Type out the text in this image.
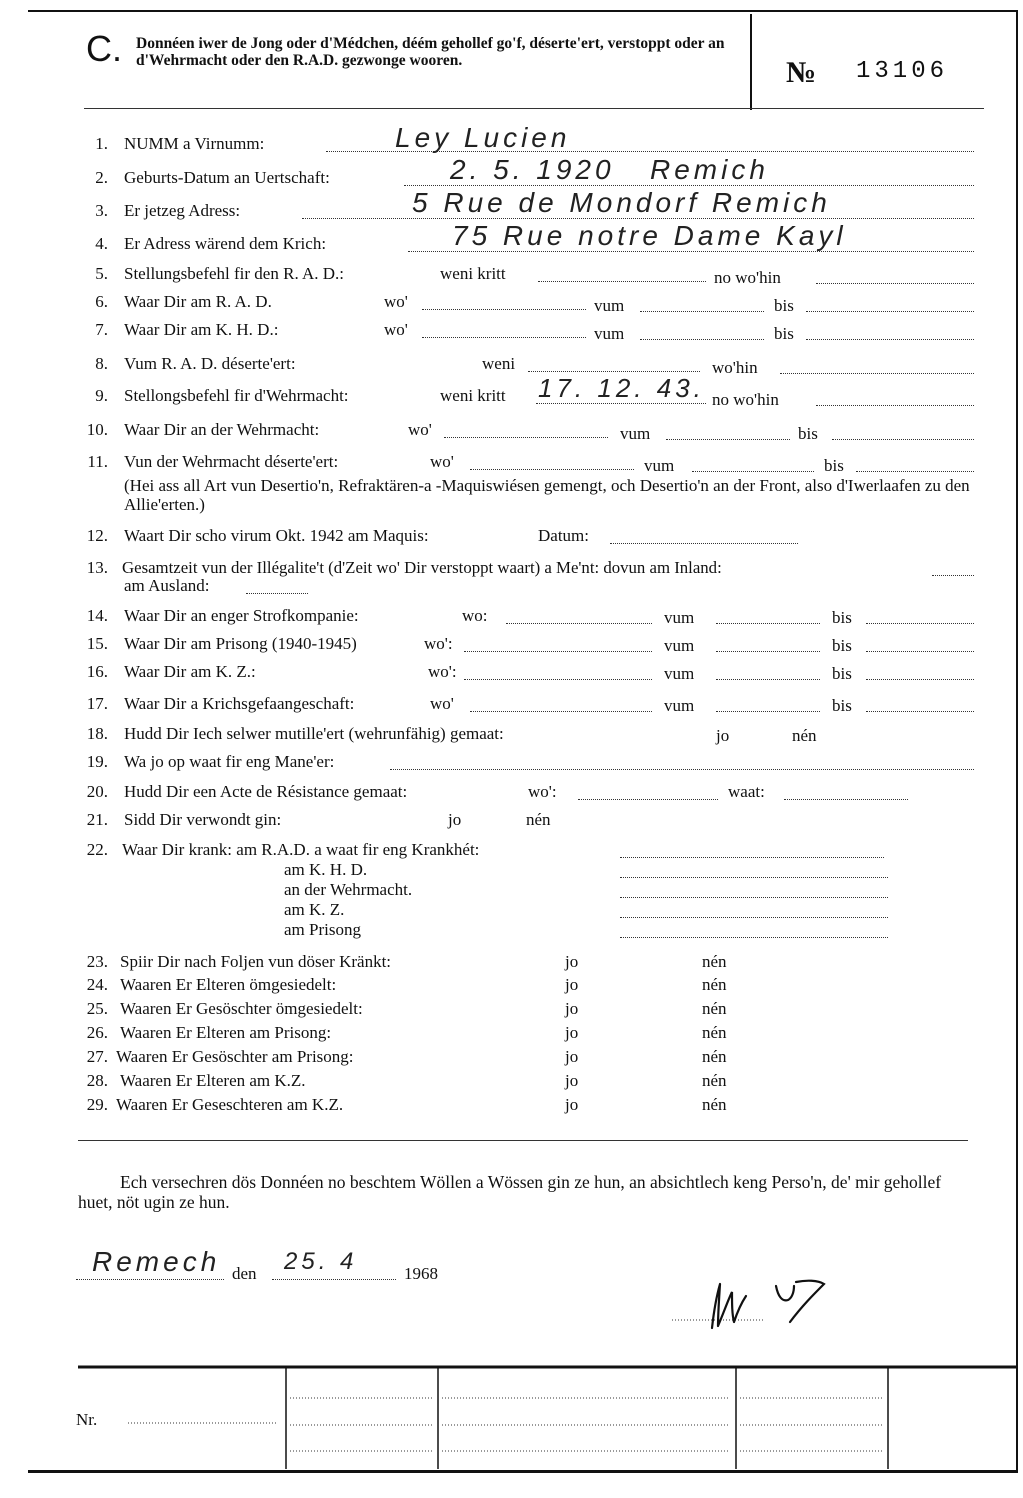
C. Donnéen iwer de Jong oder d'Médchen, déém gehollef go'f, déserte'ert, verstoppt oder an d'Wehrmacht oder den R.A.D. gezwonge wooren.	№ 13106
1. NUMM a Virnumm:	Ley Lucien
2. Geburts-Datum an Uertschaft:	2. 5. 1920 Remich
3. Er jetzeg Adress:	5 Rue de Mondorf Remich
4. Er Adress wärend dem Krich:	75 Rue notre Dame Kayl
5. Stellungsbefehl fir den R. A. D.:	weni kritt	no wo'hin
6. Waar Dir am R. A. D.	wo'	vum	bis
7. Waar Dir am K. H. D.:	wo'	vum	bis
8. Vum R. A. D. déserte'ert:	weni	wo'hin
9. Stellongsbefehl fir d'Wehrmacht:	weni kritt 17. 12. 43. no wo'hin
10. Waar Dir an der Wehrmacht:	wo'	vum	bis
11. Vun der Wehrmacht déserte'ert:	wo'	vum	bis
(Hei ass all Art vun Desertio'n, Refraktären-a -Maquiswiésen gemengt, och Desertio'n an der Front, also d'Iwerlaafen zu den Allie'erten.)
12. Waart Dir scho virum Okt. 1942 am Maquis:	Datum:
13. Gesamtzeit vun der Illégalite't (d'Zeit wo' Dir verstoppt waart) a Me'nt: dovun am Inland:
am Ausland:
14. Waar Dir an enger Strofkompanie:	wo:	vum	bis
15. Waar Dir am Prisong (1940-1945)	wo':	vum	bis
16. Waar Dir am K. Z.:	wo':	vum	bis
17. Waar Dir a Krichsgefaangeschaft:	wo'	vum	bis
18. Hudd Dir Iech selwer mutille'ert (wehrunfähig) gemaat:	jo	nén
19. Wa jo op waat fir eng Mane'er:
20. Hudd Dir een Acte de Résistance gemaat:	wo':	waat:
21. Sidd Dir verwondt gin:	jo	nén
22. Waar Dir krank: am R.A.D. a waat fir eng Krankhét:
am K. H. D.
an der Wehrmacht.
am K. Z.
am Prisong
23. Spiir Dir nach Foljen vun döser Kränkt:	jo	nén
24. Waaren Er Elteren ömgesiedelt:	jo	nén
25. Waaren Er Gesöschter ömgesiedelt:	jo	nén
26. Waaren Er Elteren am Prisong:	jo	nén
27. Waaren Er Gesöschter am Prisong:	jo	nén
28. Waaren Er Elteren am K.Z.	jo	nén
29. Waaren Er Geseschteren am K.Z.	jo	nén
Ech versechren dös Donnéen no beschtem Wöllen a Wössen gin ze hun, an absichtlech keng Perso'n, de' mir gehollef huet, nöt ugin ze hun.
Remech den 25. 4	1968
Nr.
